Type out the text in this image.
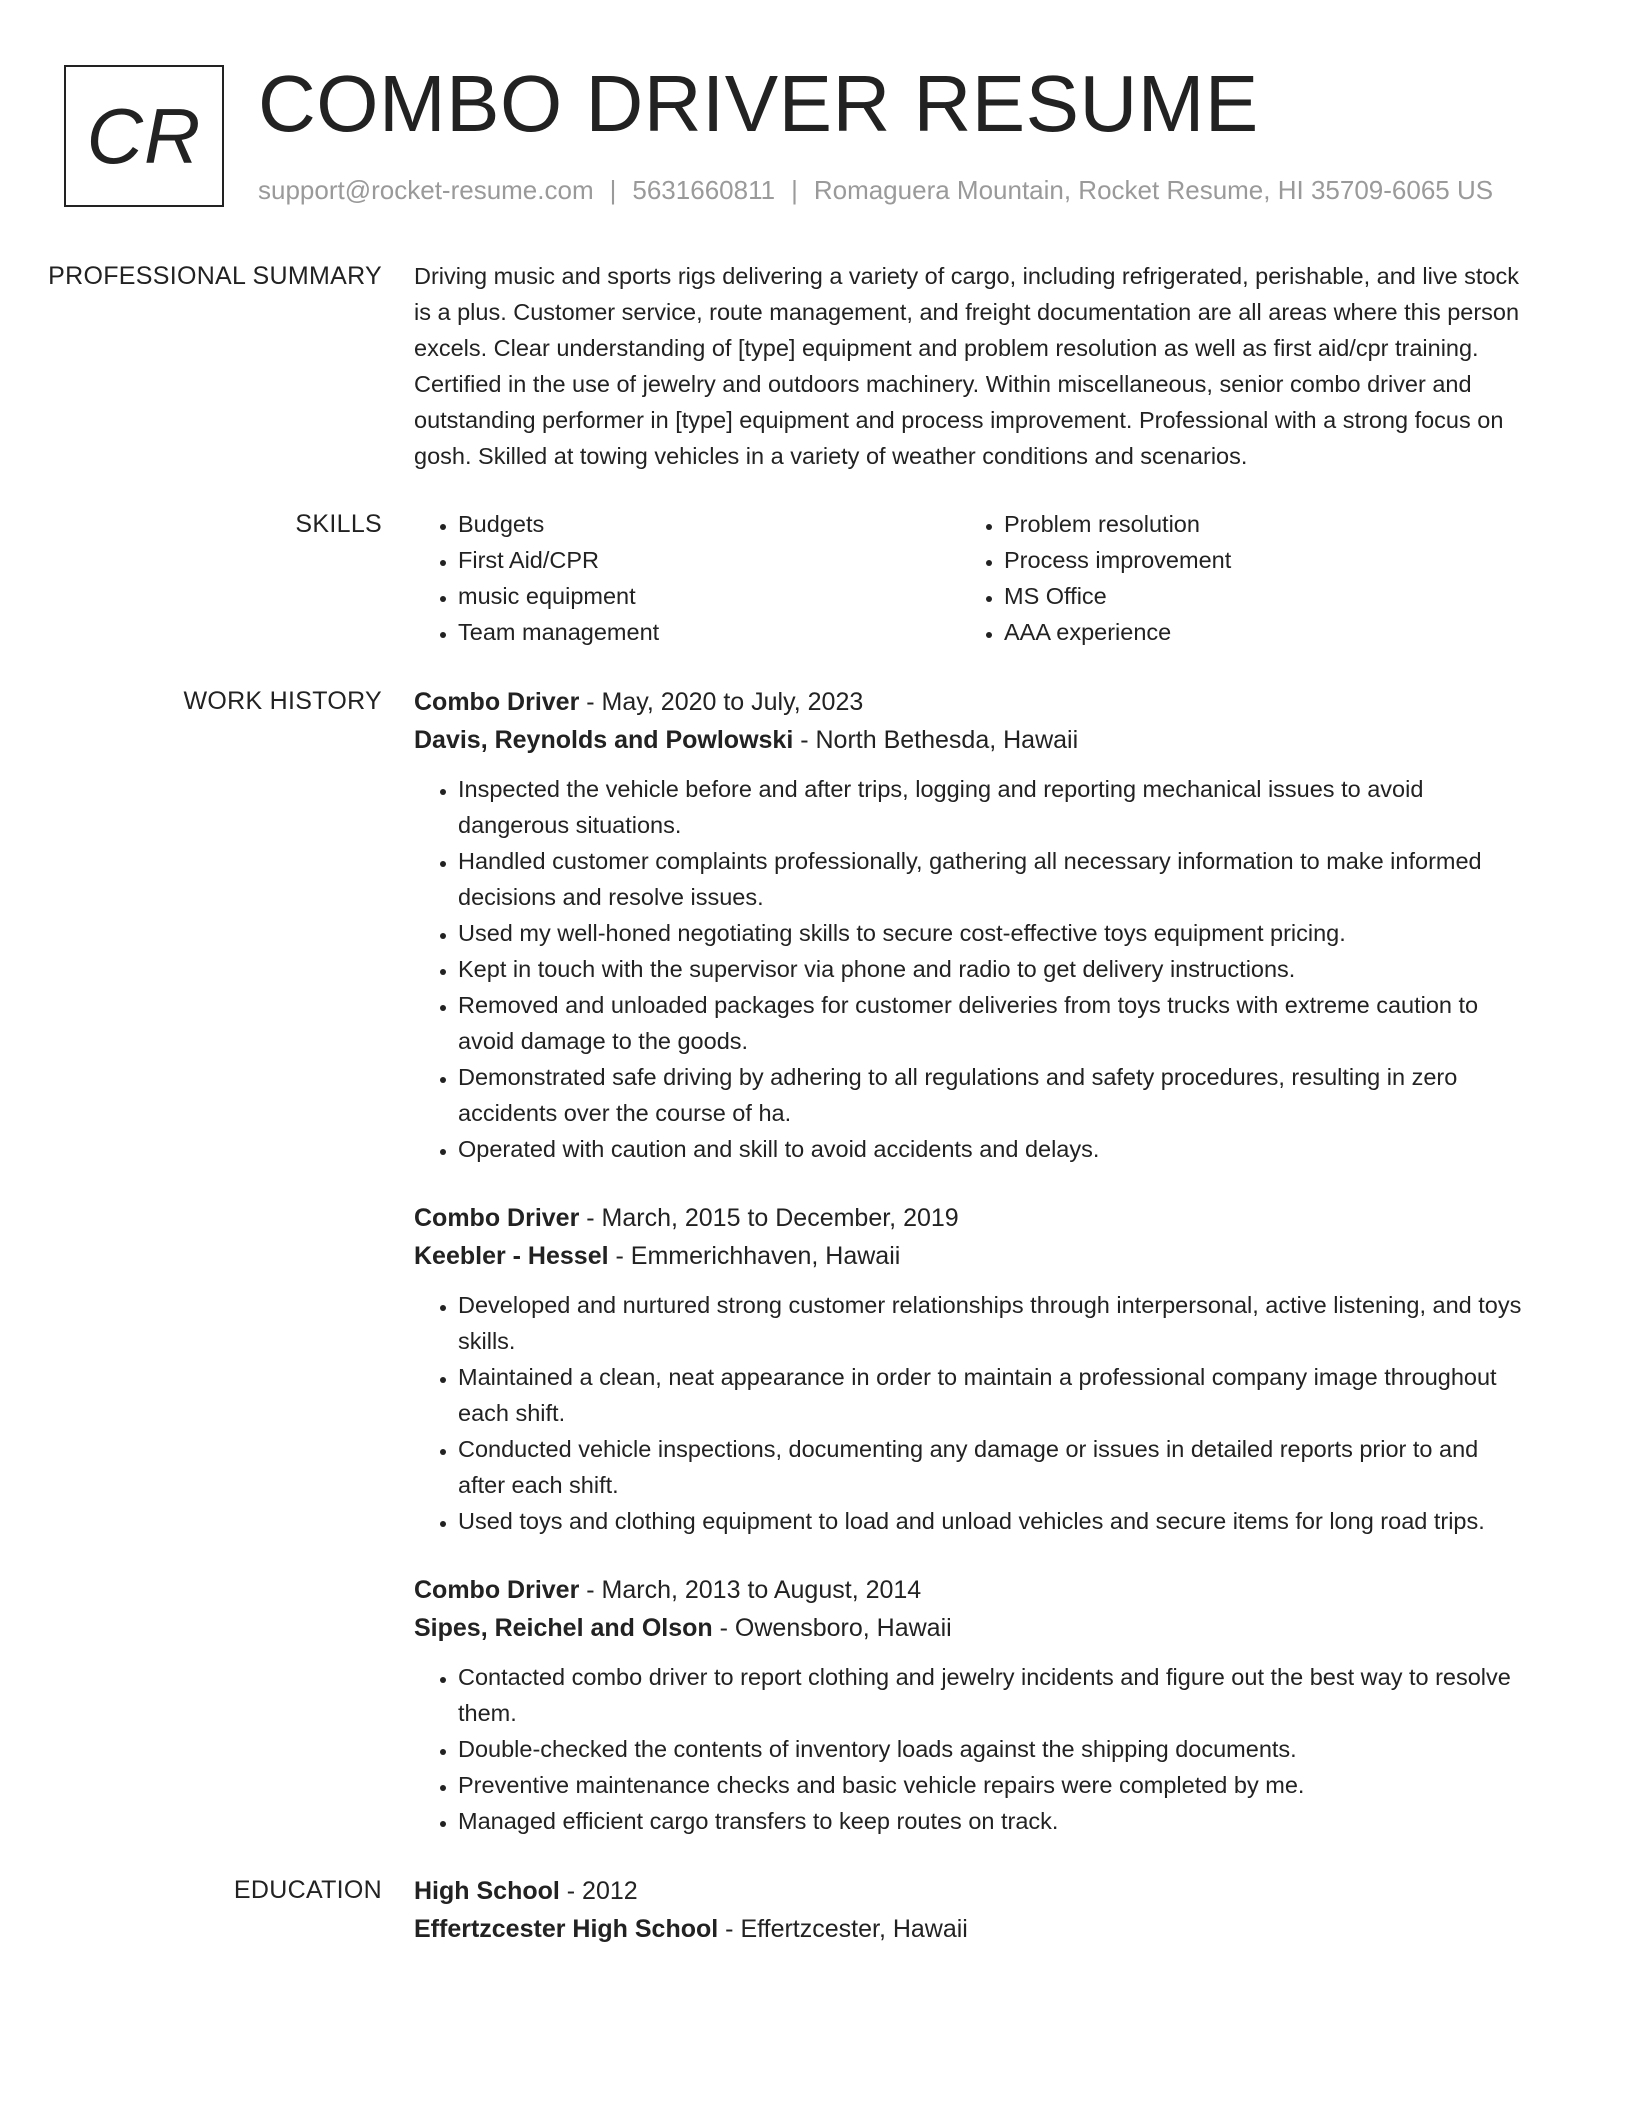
CR COMBO DRIVER RESUME
support@rocket-resume.com | 5631660811 | Romaguera Mountain, Rocket Resume, HI 35709-6065 US
PROFESSIONAL SUMMARY	Driving music and sports rigs delivering a variety of cargo, including refrigerated, perishable, and live stock is a plus. Customer service, route management, and freight documentation are all areas where this person excels. Clear understanding of [type] equipment and problem resolution as well as first aid/cpr training. Certified in the use of jewelry and outdoors machinery. Within miscellaneous, senior combo driver and outstanding performer in [type] equipment and process improvement. Professional with a strong focus on gosh. Skilled at towing vehicles in a variety of weather conditions and scenarios.

SKILLS
•	Budgets
• First Aid/CPR
• music equipment
• Team management
• Problem resolution
• Process improvement
• MS Office
• AAA experience
WORK HISTORY	Combo Driver - May, 2020 to July, 2023
Davis, Reynolds and Powlowski - North Bethesda, Hawaii
• Inspected the vehicle before and after trips, logging and reporting mechanical issues to avoid dangerous situations.
• Handled customer complaints professionally, gathering all necessary information to make informed decisions and resolve issues.
• Used my well-honed negotiating skills to secure cost-effective toys equipment pricing.
• Kept in touch with the supervisor via phone and radio to get delivery instructions.
• Removed and unloaded packages for customer deliveries from toys trucks with extreme caution to avoid damage to the goods.
• Demonstrated safe driving by adhering to all regulations and safety procedures, resulting in zero accidents over the course of ha.
• Operated with caution and skill to avoid accidents and delays.
Combo Driver - March, 2015 to December, 2019
Keebler - Hessel - Emmerichhaven, Hawaii
• Developed and nurtured strong customer relationships through interpersonal, active listening, and toys skills.
• Maintained a clean, neat appearance in order to maintain a professional company image throughout each shift.
• Conducted vehicle inspections, documenting any damage or issues in detailed reports prior to and after each shift.
• Used toys and clothing equipment to load and unload vehicles and secure items for long road trips.
Combo Driver - March, 2013 to August, 2014
Sipes, Reichel and Olson - Owensboro, Hawaii
• Contacted combo driver to report clothing and jewelry incidents and figure out the best way to resolve them.
• Double-checked the contents of inventory loads against the shipping documents.
• Preventive maintenance checks and basic vehicle repairs were completed by me.
• Managed efficient cargo transfers to keep routes on track.
EDUCATION	High School - 2012
Effertzcester High School - Effertzcester, Hawaii
